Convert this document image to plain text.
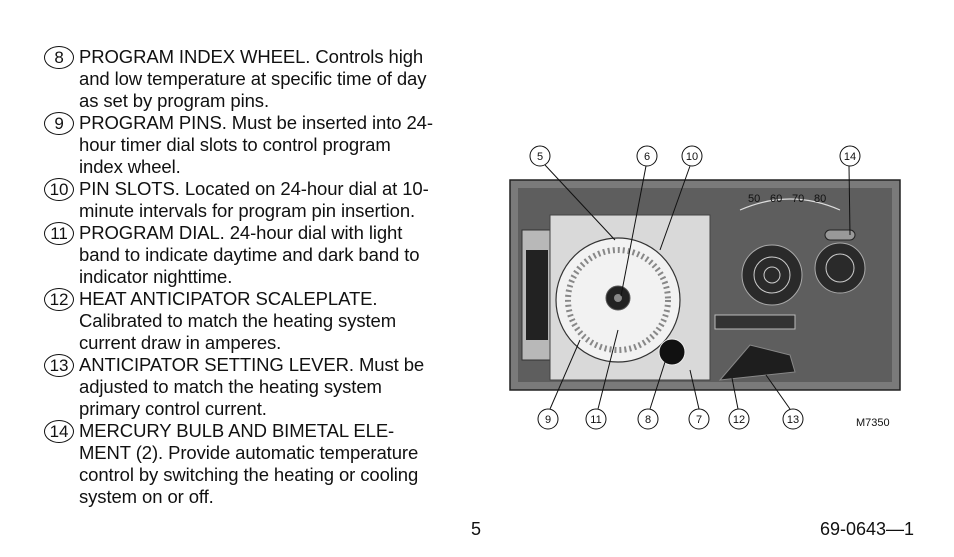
8 PROGRAM INDEX WHEEL. Controls high
and low temperature at specific time of day
as set by program pins.
9 PROGRAM PINS. Must be inserted into 24-
hour timer dial slots to control program
index wheel.
10 PIN SLOTS. Located on 24-hour dial at 10-
minute intervals for program pin insertion.
11 PROGRAM DIAL. 24-hour dial with light
band to indicate daytime and dark band to
indicator nighttime.
12 HEAT ANTICIPATOR SCALEPLATE.
Calibrated to match the heating system
current draw in amperes.
13 ANTICIPATOR SETTING LEVER. Must be
adjusted to match the heating system
primary control current.
14 MERCURY BULB AND BIMETAL ELE-
MENT (2). Provide automatic temperature
control by switching the heating or cooling
system on or off.
50 60 70 80
5	6	10	14
9	11	8	7	12	13	M7350
5	69-0643—1
